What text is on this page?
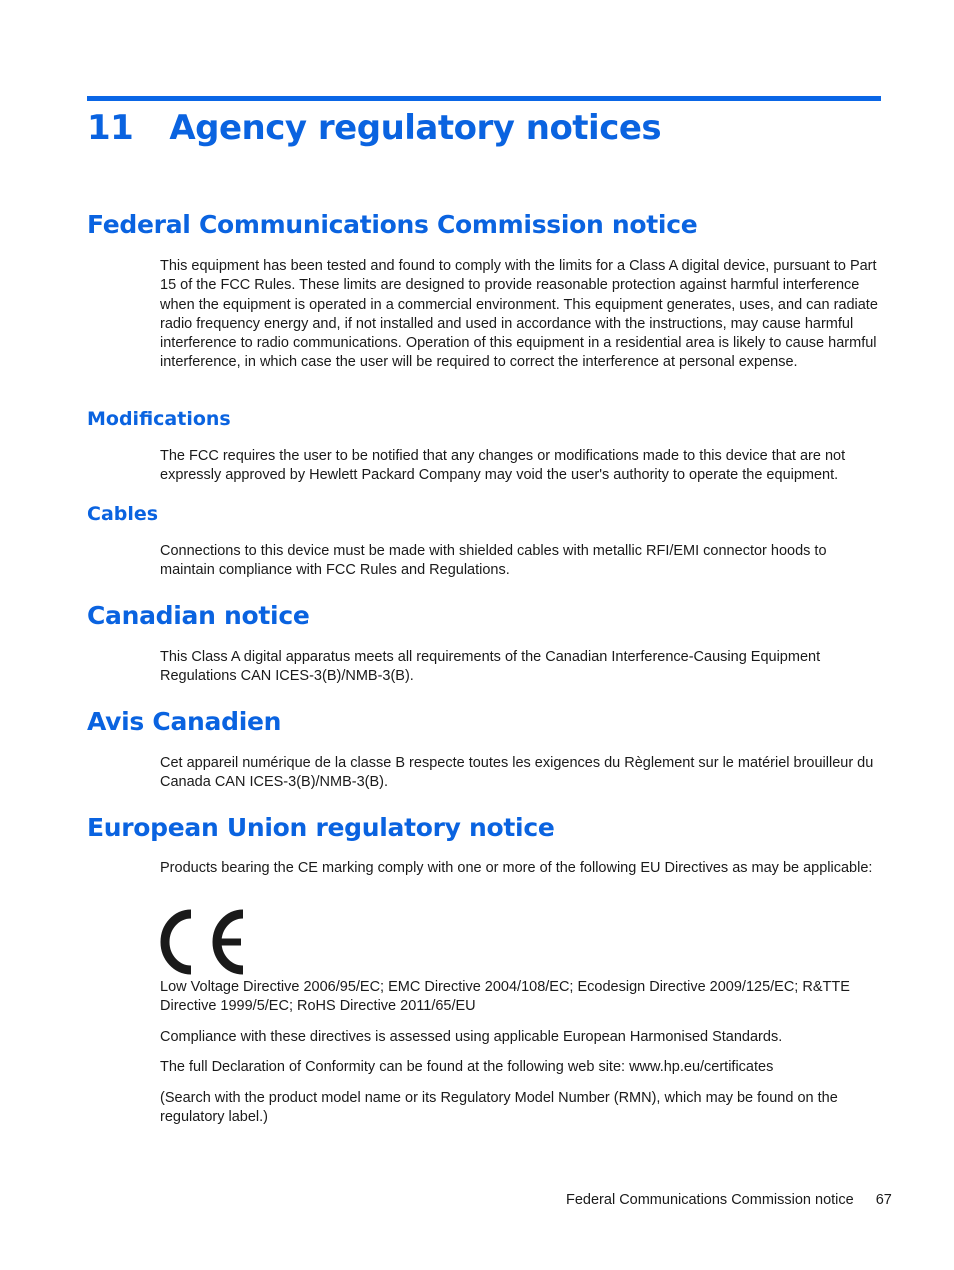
11 Agency regulatory notices
Federal Communications Commission notice

This equipment has been tested and found to comply with the limits for a Class A digital device, pursuant to Part 15 of the FCC Rules. These limits are designed to provide reasonable protection against harmful interference when the equipment is operated in a commercial environment. This equipment generates, uses, and can radiate radio frequency energy and, if not installed and used in accordance with the instructions, may cause harmful interference to radio communications. Operation of this equipment in a residential area is likely to cause harmful interference, in which case the user will be required to correct the interference at personal expense.

Modifications

The FCC requires the user to be notified that any changes or modifications made to this device that are not expressly approved by Hewlett Packard Company may void the user's authority to operate the equipment.

Cables

Connections to this device must be made with shielded cables with metallic RFI/EMI connector hoods to maintain compliance with FCC Rules and Regulations.

Canadian notice

This Class A digital apparatus meets all requirements of the Canadian Interference-Causing Equipment Regulations CAN ICES-3(B)/NMB-3(B).

Avis Canadien

Cet appareil numérique de la classe B respecte toutes les exigences du Règlement sur le matériel brouilleur du Canada CAN ICES-3(B)/NMB-3(B).

European Union regulatory notice

Products bearing the CE marking comply with one or more of the following EU Directives as may be applicable:

Low Voltage Directive 2006/95/EC; EMC Directive 2004/108/EC; Ecodesign Directive 2009/125/EC; R&TTE Directive 1999/5/EC; RoHS Directive 2011/65/EU

Compliance with these directives is assessed using applicable European Harmonised Standards.

The full Declaration of Conformity can be found at the following web site: www.hp.eu/certificates

(Search with the product model name or its Regulatory Model Number (RMN), which may be found on the regulatory label.)

Federal Communications Commission notice 67
